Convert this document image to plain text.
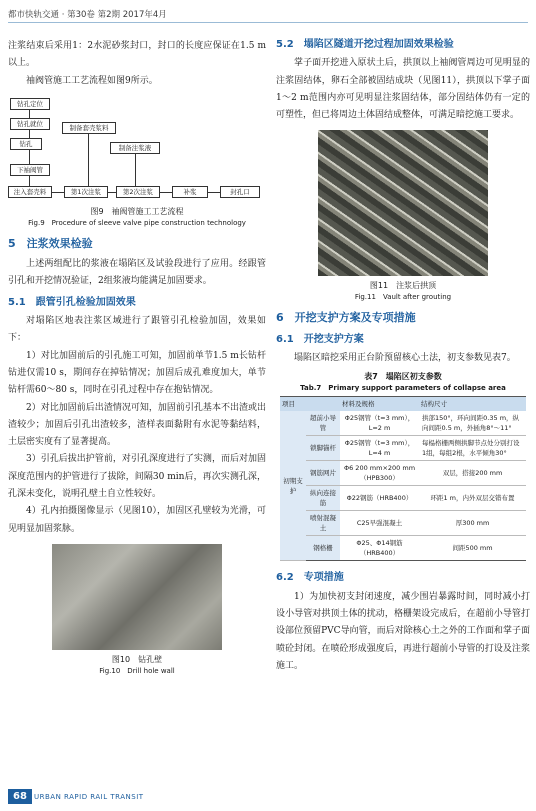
都市快轨交通 · 第30卷 第2期 2017年4月

注浆结束后采用1：2水泥砂浆封口，封口的长度应保证在1.5 m以上。

袖阀管施工工艺流程如图9所示。

钻孔定位
钻孔就位
钻孔
下袖阀管
注入套壳料
制备套壳浆料
制备注浆液
第1次注浆	第2次注浆	补浆	封孔口
图9　袖阀管施工工艺流程
Fig.9　Procedure of sleeve valve pipe construction technology
5　注浆效果检验

上述两组配比的浆液在塌陷区及试验段进行了应用。经跟管引孔和开挖情况验证，2组浆液均能满足加固要求。

5.1　跟管引孔检验加固效果

对塌陷区地表注浆区域进行了跟管引孔检验加固，效果如下：

1）对比加固前后的引孔施工可知，加固前单节1.5 m长钻杆钻进仅需10 s，期间存在掉钻情况；加固后成孔难度加大，单节钻杆需60～80 s，同时在引孔过程中存在抱钻情况。

2）对比加固前后出渣情况可知，加固前引孔基本不出渣或出渣较少；加固后引孔出渣较多，渣样表面黏附有水泥等黏结料，土层密实度有了显著提高。

3）引孔后拔出护管前，对引孔深度进行了实测，而后对加固深度范围内的护管进行了拔除，间隔30 min后，再次实测孔深，孔深未变化，说明孔壁土自立性较好。

4）孔内拍摄图像显示（见图10），加固区孔壁较为光滑，可见明显加固浆脉。

图10　钻孔壁
Fig.10　Drill hole wall
5.2　塌陷区隧道开挖过程加固效果检验

掌子面开挖进入原状土后，拱顶以上袖阀管周边可见明显的注浆固结体，卵石全部被固结成块（见图11），拱顶以下掌子面1～2 m范围内亦可见明显注浆固结体，部分固结体仍有一定的可塑性，但已将周边土体固结成整体，可满足暗挖施工要求。

图11　注浆后拱顶
Fig.11　Vault after grouting
6　开挖支护方案及专项措施
6.1　开挖支护方案

塌陷区暗挖采用正台阶预留核心土法，初支参数见表7。

表7　塌陷区初支参数
Tab.7　Primary support parameters of collapse area
项目		材料及规格	结构尺寸
初期支护	超前小导管	Φ25钢管（t=3 mm），L=2 m	拱部150°，环向间距0.35 m，纵向间距0.5 m，外插角8°～11°
	锁脚锚杆	Φ25钢管（t=3 mm），L=4 m	每榀格栅两侧拱脚节点处分别打设1组，每组2根，水平倾角30°
	钢筋网片	Φ6 200 mm×200 mm（HPB300）	双层，搭接200 mm
	纵向连接筋	Φ22钢筋（HRB400）	环距1 m，内外双层交错布置
	喷射混凝土	C25早强混凝土	厚300 mm
	钢格栅	Φ25、Φ14钢筋（HRB400）	间距500 mm
6.2　专项措施

1）为加快初支封闭速度，减少围岩暴露时间，同时减小打设小导管对拱顶土体的扰动，格栅架设完成后，在超前小导管打设部位预留PVC导向管，而后对除核心土之外的工作面和掌子面喷砼封闭。在喷砼形成强度后，再进行超前小导管的打设及注浆施工。

68	URBAN RAPID RAIL TRANSIT
